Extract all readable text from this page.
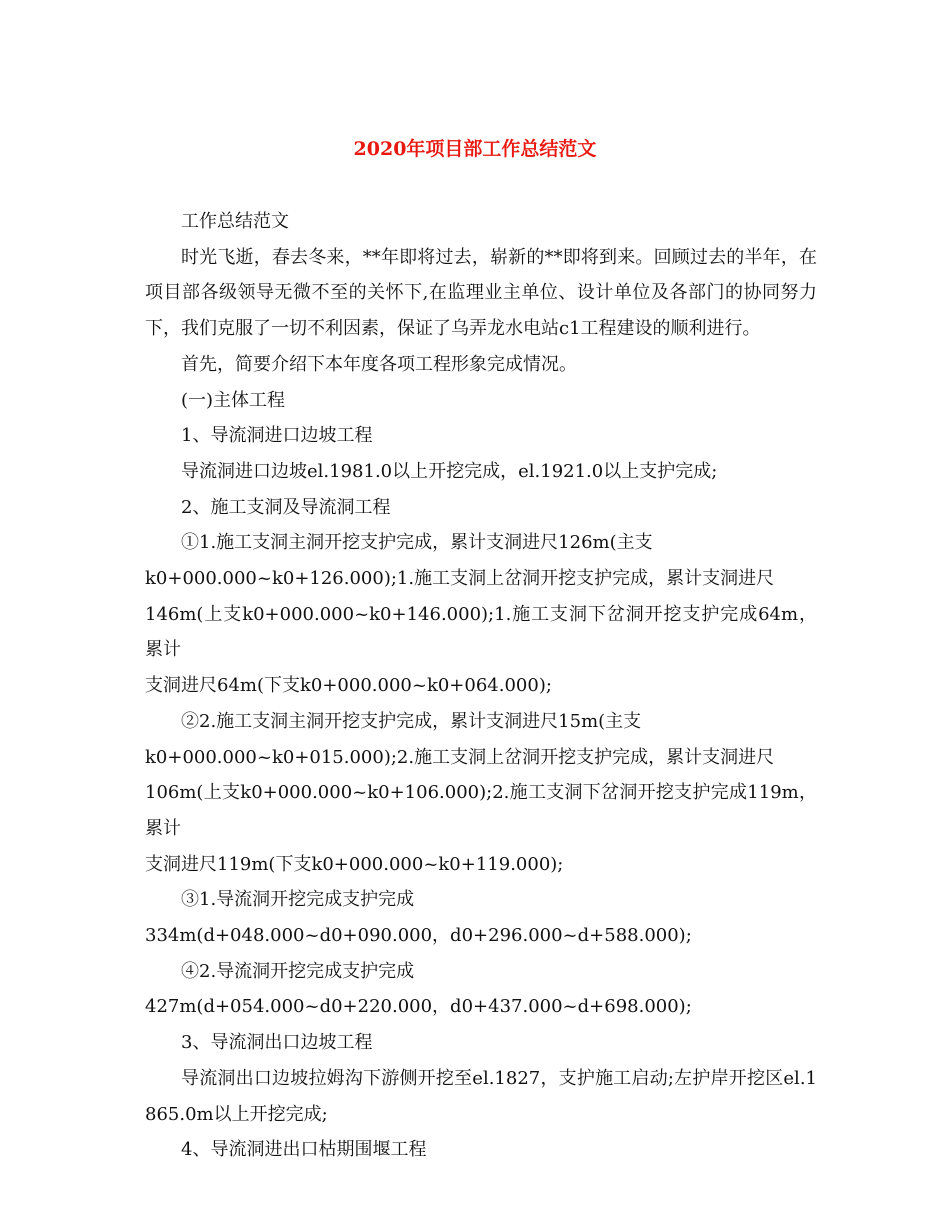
2020年项目部工作总结范文

工作总结范文

时光飞逝，春去冬来，**年即将过去，崭新的**即将到来。回顾过去的半年，在项目部各级领导无微不至的关怀下,在监理业主单位、设计单位及各部门的协同努力下，我们克服了一切不利因素，保证了乌弄龙水电站c1工程建设的顺利进行。

首先，简要介绍下本年度各项工程形象完成情况。

(一)主体工程

1、导流洞进口边坡工程

导流洞进口边坡el.1981.0以上开挖完成，el.1921.0以上支护完成;

2、施工支洞及导流洞工程

①1.施工支洞主洞开挖支护完成，累计支洞进尺126m(主支

k0+000.000~k0+126.000);1.施工支洞上岔洞开挖支护完成，累计支洞进尺

146m(上支k0+000.000~k0+146.000);1.施工支洞下岔洞开挖支护完成64m，累计

支洞进尺64m(下支k0+000.000~k0+064.000);

②2.施工支洞主洞开挖支护完成，累计支洞进尺15m(主支

k0+000.000~k0+015.000);2.施工支洞上岔洞开挖支护完成，累计支洞进尺

106m(上支k0+000.000~k0+106.000);2.施工支洞下岔洞开挖支护完成119m，累计

支洞进尺119m(下支k0+000.000~k0+119.000);

③1.导流洞开挖完成支护完成

334m(d+048.000~d0+090.000，d0+296.000~d+588.000);

④2.导流洞开挖完成支护完成

427m(d+054.000~d0+220.000，d0+437.000~d+698.000);

3、导流洞出口边坡工程

导流洞出口边坡拉姆沟下游侧开挖至el.1827，支护施工启动;左护岸开挖区el.1865.0m以上开挖完成;

4、导流洞进出口枯期围堰工程
